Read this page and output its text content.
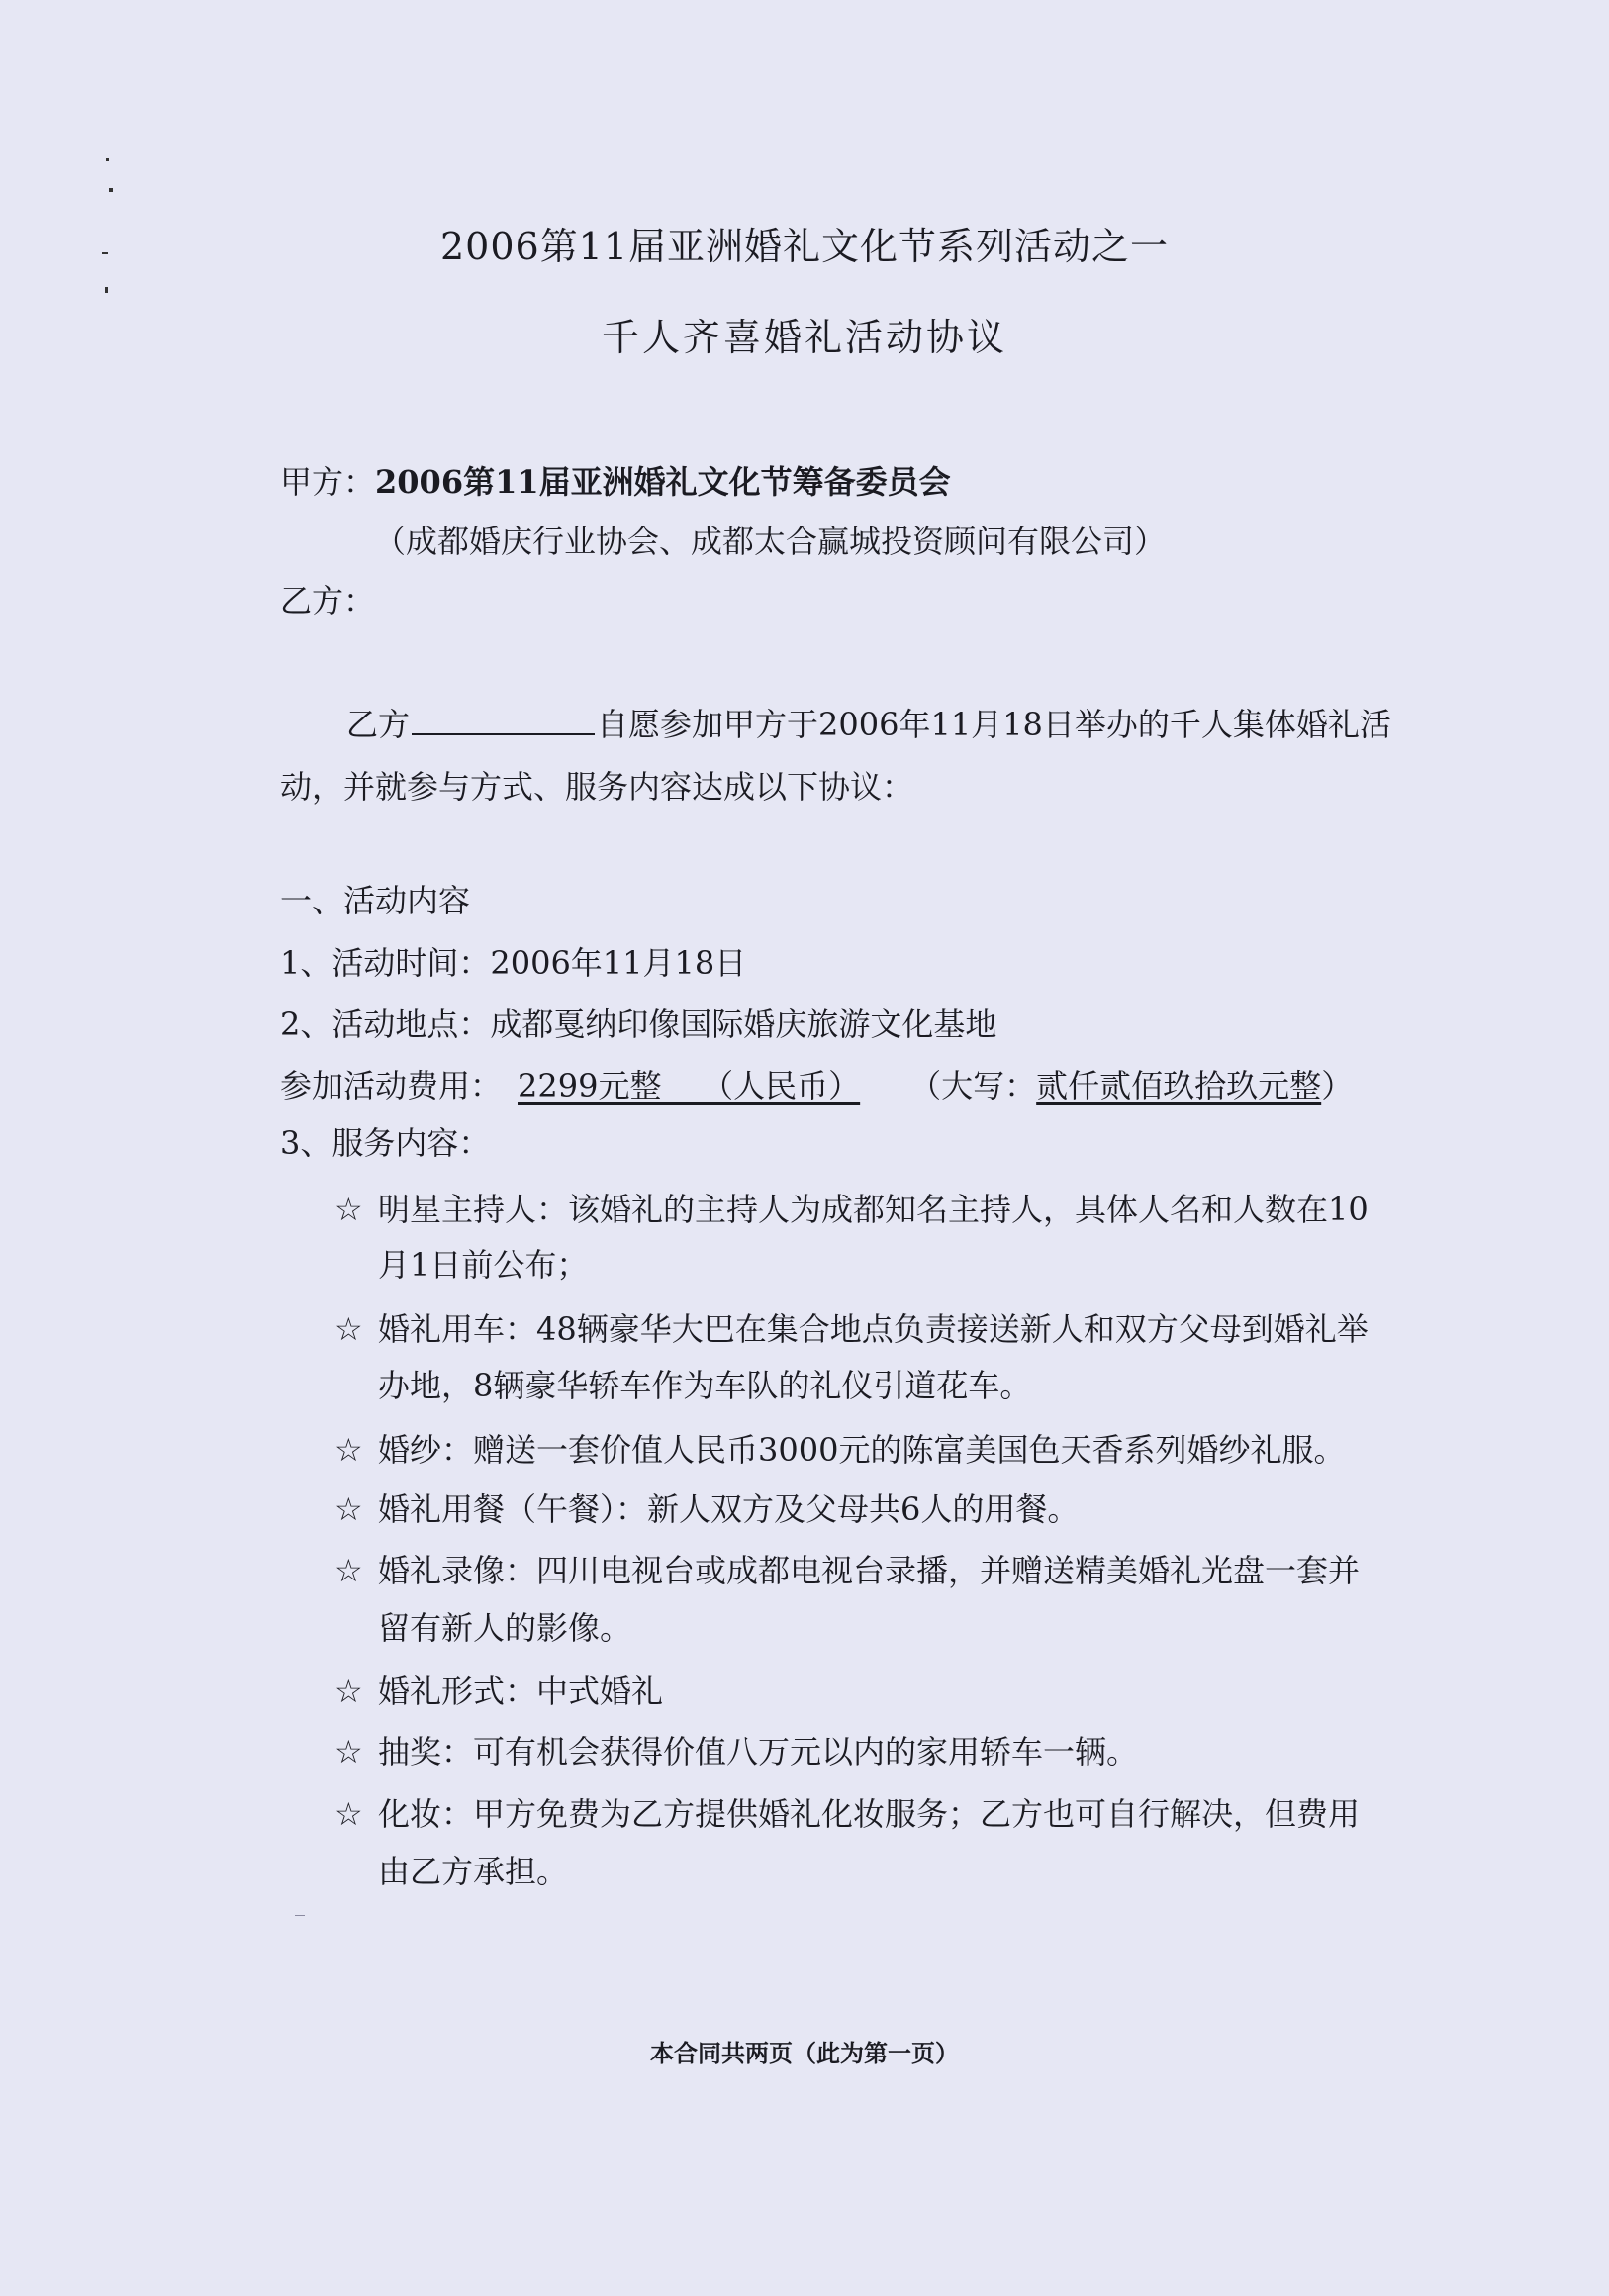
2006第11届亚洲婚礼文化节系列活动之一
千人齐喜婚礼活动协议
甲方：2006第11届亚洲婚礼文化节筹备委员会
（成都婚庆行业协会、成都太合赢城投资顾问有限公司）
乙方：
乙方	自愿参加甲方于2006年11月18日举办的千人集体婚礼活
动，并就参与方式、服务内容达成以下协议：
一、活动内容
1、活动时间：2006年11月18日
2、活动地点：成都戛纳印像国际婚庆旅游文化基地
参加活动费用： 2299元整    （人民币） （大写：贰仟贰佰玖拾玖元整）
3、服务内容：
☆ 明星主持人：该婚礼的主持人为成都知名主持人，具体人名和人数在10
月1日前公布；
☆ 婚礼用车：48辆豪华大巴在集合地点负责接送新人和双方父母到婚礼举
办地，8辆豪华轿车作为车队的礼仪引道花车。
☆ 婚纱：赠送一套价值人民币3000元的陈富美国色天香系列婚纱礼服。
☆ 婚礼用餐（午餐）：新人双方及父母共6人的用餐。
☆ 婚礼录像：四川电视台或成都电视台录播，并赠送精美婚礼光盘一套并
留有新人的影像。
☆ 婚礼形式：中式婚礼
☆ 抽奖：可有机会获得价值八万元以内的家用轿车一辆。
☆ 化妆：甲方免费为乙方提供婚礼化妆服务；乙方也可自行解决，但费用
由乙方承担。
本合同共两页（此为第一页）
